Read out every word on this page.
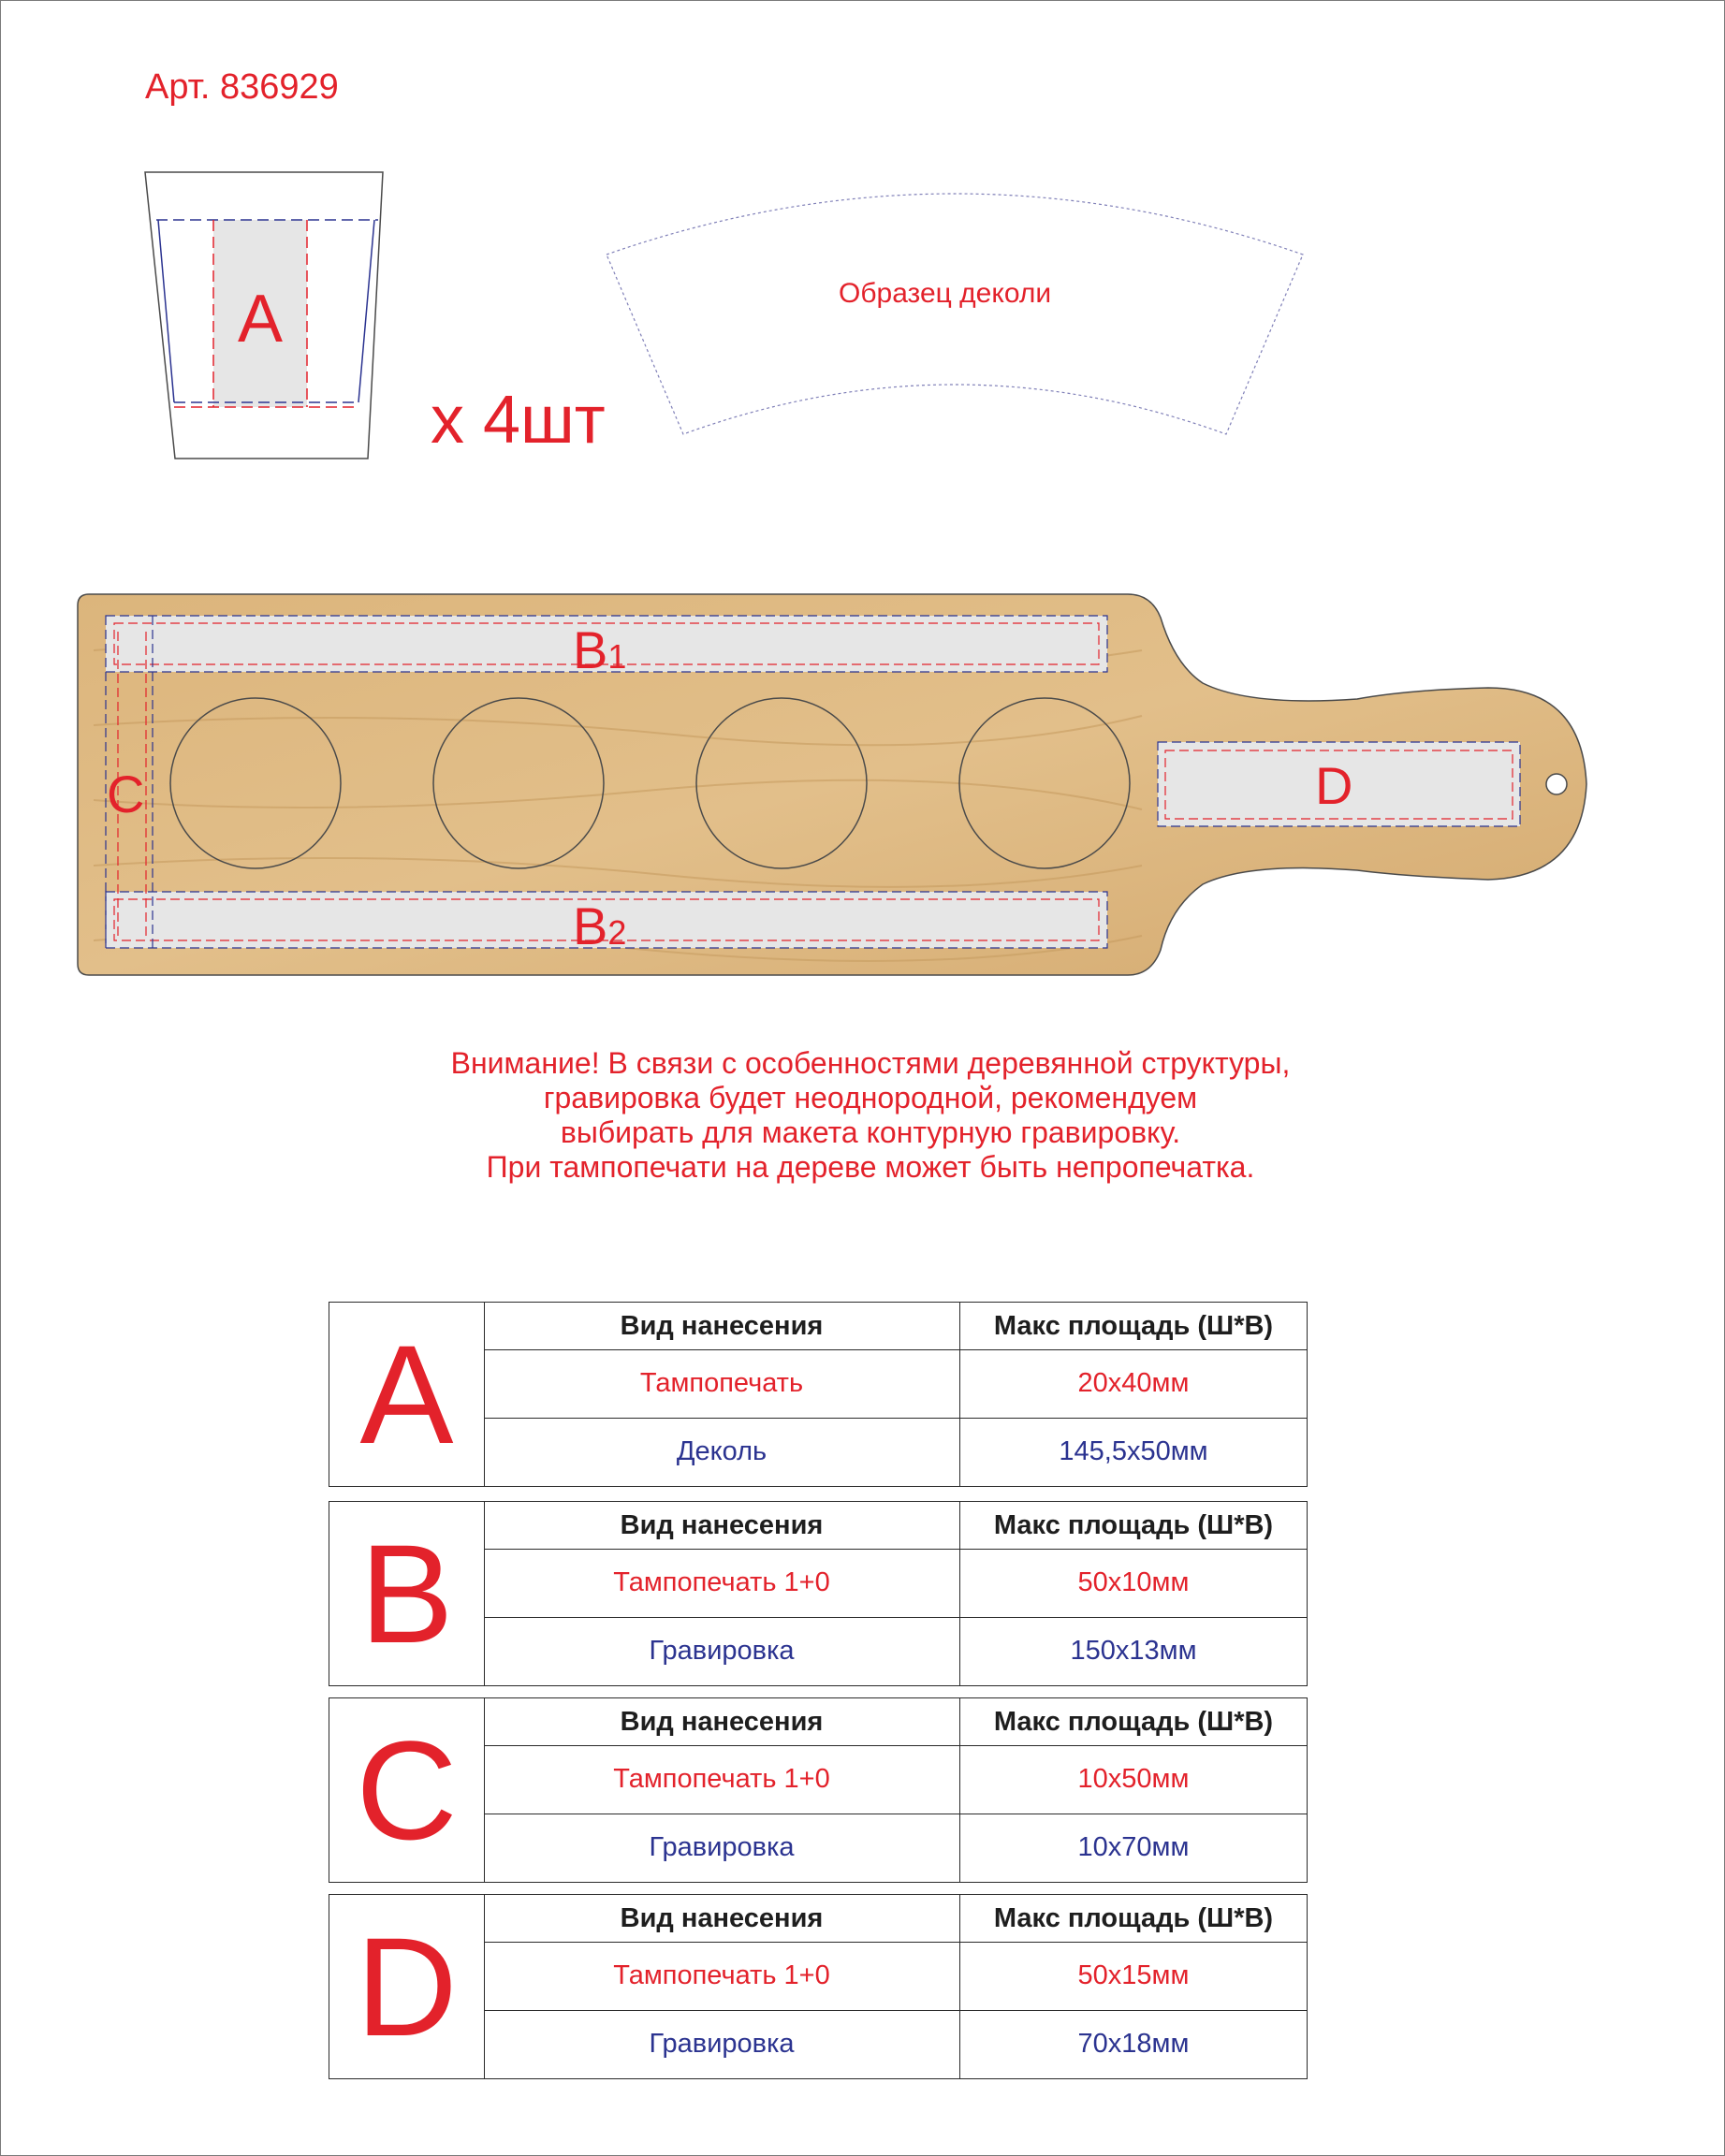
Арт. 836929
A
x 4шт
Образец деколи
B1
B2
C	D
Внимание! В связи с особенностями деревянной структуры,
гравировка будет неоднородной, рекомендуем
выбирать для макета контурную гравировку.
При тампопечати на дереве может быть непропечатка.
A	Вид нанесения	Макс площадь (Ш*В)
Тампопечать	20x40мм
Деколь	145,5x50мм
B	Вид нанесения	Макс площадь (Ш*В)
Тампопечать 1+0	50x10мм
Гравировка	150x13мм
C	Вид нанесения	Макс площадь (Ш*В)
Тампопечать 1+0	10x50мм
Гравировка	10x70мм
D	Вид нанесения	Макс площадь (Ш*В)
Тампопечать 1+0	50x15мм
Гравировка	70x18мм
